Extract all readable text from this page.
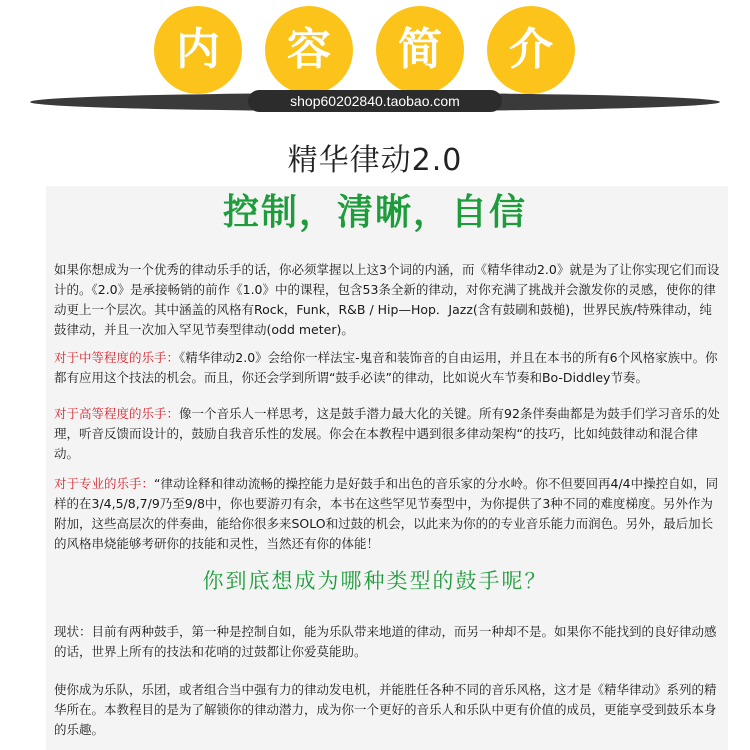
内	容	简	介
shop60202840.taobao.com
精华律动2.0
控制，清晰，自信

如果你想成为一个优秀的律动乐手的话，你必须掌握以上这3个词的内涵，而《精华律动2.0》就是为了让你实现它们而设计的。《2.0》是承接畅销的前作《1.0》中的课程，包含53条全新的律动，对你充满了挑战并会激发你的灵感，使你的律动更上一个层次。其中涵盖的风格有Rock，Funk，R&B / Hip—Hop．Jazz(含有鼓刷和鼓槌)，世界民族/特殊律动，纯鼓律动，并且一次加入罕见节奏型律动(odd meter)。

对于中等程度的乐手：《精华律动2.0》会给你一样法宝-鬼音和装饰音的自由运用，并且在本书的所有6个风格家族中。你都有应用这个技法的机会。而且，你还会学到所谓“鼓手必读”的律动，比如说火车节奏和Bo-Diddley节奏。

对于高等程度的乐手：像一个音乐人一样思考，这是鼓手潜力最大化的关键。所有92条伴奏曲都是为鼓手们学习音乐的处理，听音反馈而设计的，鼓励自我音乐性的发展。你会在本教程中遇到很多律动架构“的技巧，比如纯鼓律动和混合律动。

对于专业的乐手：“律动诠释和律动流畅的操控能力是好鼓手和出色的音乐家的分水岭。你不但要回再4/4中操控自如，同样的在3/4,5/8,7/9乃至9/8中，你也要游刃有余，本书在这些罕见节奏型中，为你提供了3种不同的难度梯度。另外作为附加，这些高层次的伴奏曲，能给你很多来SOLO和过鼓的机会，以此来为你的的专业音乐能力而润色。另外，最后加长的风格串烧能够考研你的技能和灵性，当然还有你的体能！

你到底想成为哪种类型的鼓手呢？

现状：目前有两种鼓手，第一种是控制自如，能为乐队带来地道的律动，而另一种却不是。如果你不能找到的良好律动感的话，世界上所有的技法和花哨的过鼓都让你爱莫能助。

使你成为乐队，乐团，或者组合当中强有力的律动发电机，并能胜任各种不同的音乐风格，这才是《精华律动》系列的精华所在。本教程目的是为了解锁你的律动潜力，成为你一个更好的音乐人和乐队中更有价值的成员，更能享受到鼓乐本身的乐趣。
